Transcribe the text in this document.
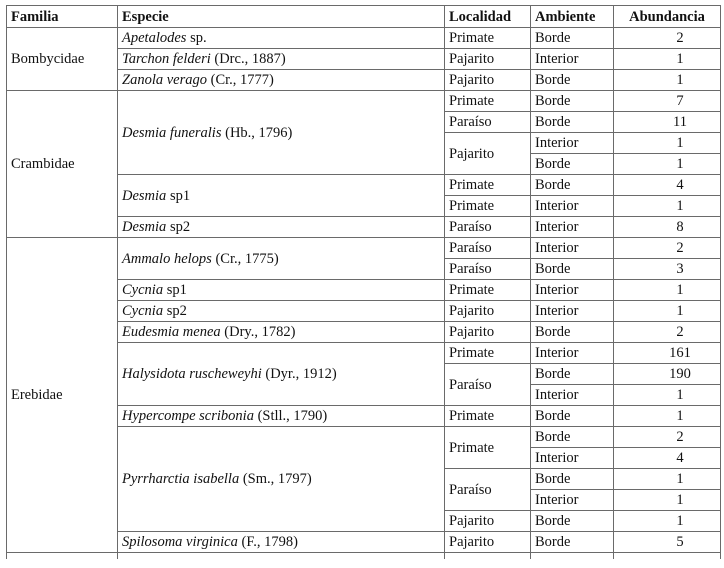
Familia	Especie	Localidad	Ambiente	Abundancia
Bombycidae	Apetalodes sp.	Primate	Borde	2
	Tarchon felderi (Drc., 1887)	Pajarito	Interior	1
	Zanola verago (Cr., 1777)	Pajarito	Borde	1
Crambidae	Desmia funeralis (Hb., 1796)	Primate	Borde	7
		Paraíso	Borde	11
		Pajarito	Interior	1
			Borde	1
	Desmia sp1	Primate	Borde	4
		Primate	Interior	1
	Desmia sp2	Paraíso	Interior	8
Erebidae	Ammalo helops (Cr., 1775)	Paraíso	Interior	2
		Paraíso	Borde	3
	Cycnia sp1	Primate	Interior	1
	Cycnia sp2	Pajarito	Interior	1
	Eudesmia menea (Dry., 1782)	Pajarito	Borde	2
	Halysidota ruscheweyhi (Dyr., 1912)	Primate	Interior	161
		Paraíso	Borde	190
			Interior	1
	Hypercompe scribonia (Stll., 1790)	Primate	Borde	1
	Pyrrharctia isabella (Sm., 1797)	Primate	Borde	2
			Interior	4
		Paraíso	Borde	1
			Interior	1
		Pajarito	Borde	1
	Spilosoma virginica (F., 1798)	Pajarito	Borde	5
